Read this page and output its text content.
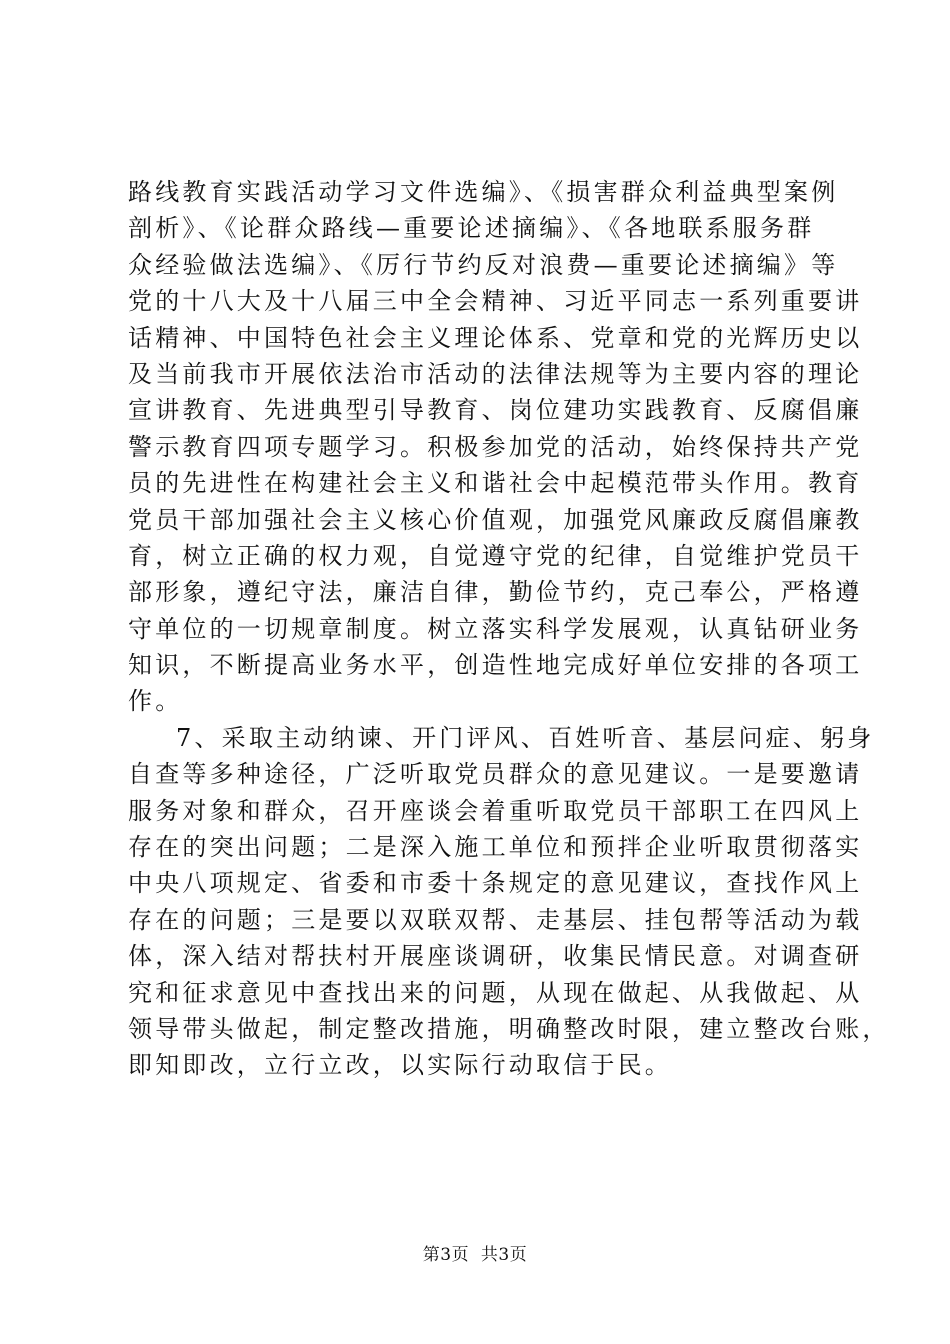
路线教育实践活动学习文件选编》、《损害群众利益典型案例
剖析》、《论群众路线—重要论述摘编》、《各地联系服务群
众经验做法选编》、《厉行节约反对浪费—重要论述摘编》等
党的十八大及十八届三中全会精神、习近平同志一系列重要讲
话精神、中国特色社会主义理论体系、党章和党的光辉历史以
及当前我市开展依法治市活动的法律法规等为主要内容的理论
宣讲教育、先进典型引导教育、岗位建功实践教育、反腐倡廉
警示教育四项专题学习。积极参加党的活动，始终保持共产党
员的先进性在构建社会主义和谐社会中起模范带头作用。教育
党员干部加强社会主义核心价值观，加强党风廉政反腐倡廉教
育，树立正确的权力观，自觉遵守党的纪律，自觉维护党员干
部形象，遵纪守法，廉洁自律，勤俭节约，克己奉公，严格遵
守单位的一切规章制度。树立落实科学发展观，认真钻研业务
知识，不断提高业务水平，创造性地完成好单位安排的各项工
作。
7、采取主动纳谏、开门评风、百姓听音、基层问症、躬身
自查等多种途径，广泛听取党员群众的意见建议。一是要邀请
服务对象和群众，召开座谈会着重听取党员干部职工在四风上
存在的突出问题；二是深入施工单位和预拌企业听取贯彻落实
中央八项规定、省委和市委十条规定的意见建议，查找作风上
存在的问题；三是要以双联双帮、走基层、挂包帮等活动为载
体，深入结对帮扶村开展座谈调研，收集民情民意。对调查研
究和征求意见中查找出来的问题，从现在做起、从我做起、从
领导带头做起，制定整改措施，明确整改时限，建立整改台账，
即知即改，立行立改，以实际行动取信于民。
第3页 共3页
